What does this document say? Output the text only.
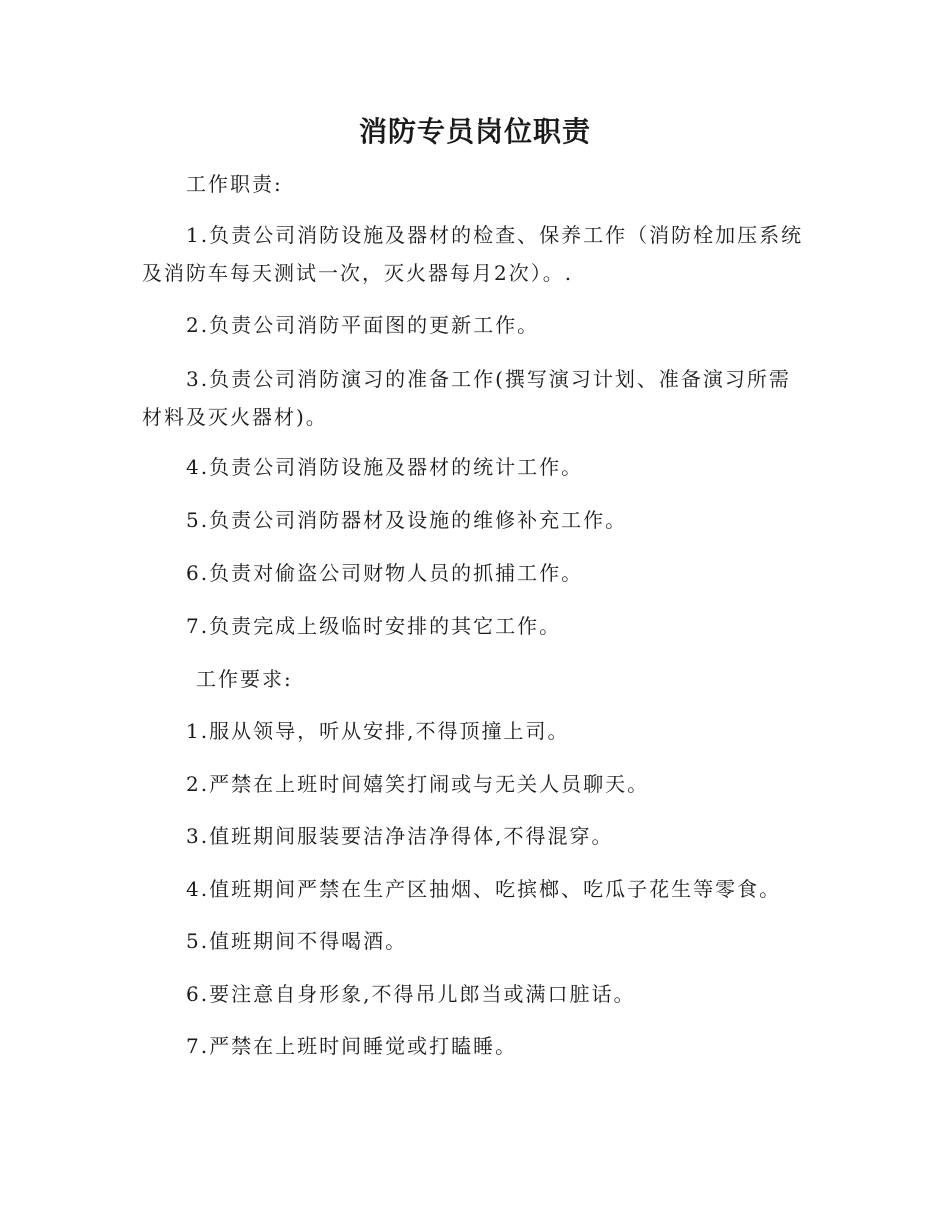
消防专员岗位职责

工作职责:

1.负责公司消防设施及器材的检查、保养工作（消防栓加压系统及消防车每天测试一次，灭火器每月2次）。.

2.负责公司消防平面图的更新工作。

3.负责公司消防演习的准备工作(撰写演习计划、准备演习所需材料及灭火器材)。

4.负责公司消防设施及器材的统计工作。

5.负责公司消防器材及设施的维修补充工作。

6.负责对偷盗公司财物人员的抓捕工作。

7.负责完成上级临时安排的其它工作。

工作要求:

1.服从领导，听从安排,不得顶撞上司。

2.严禁在上班时间嬉笑打闹或与无关人员聊天。

3.值班期间服装要洁净洁净得体,不得混穿。

4.值班期间严禁在生产区抽烟、吃摈榔、吃瓜子花生等零食。

5.值班期间不得喝酒。

6.要注意自身形象,不得吊儿郎当或满口脏话。

7.严禁在上班时间睡觉或打瞌睡。
